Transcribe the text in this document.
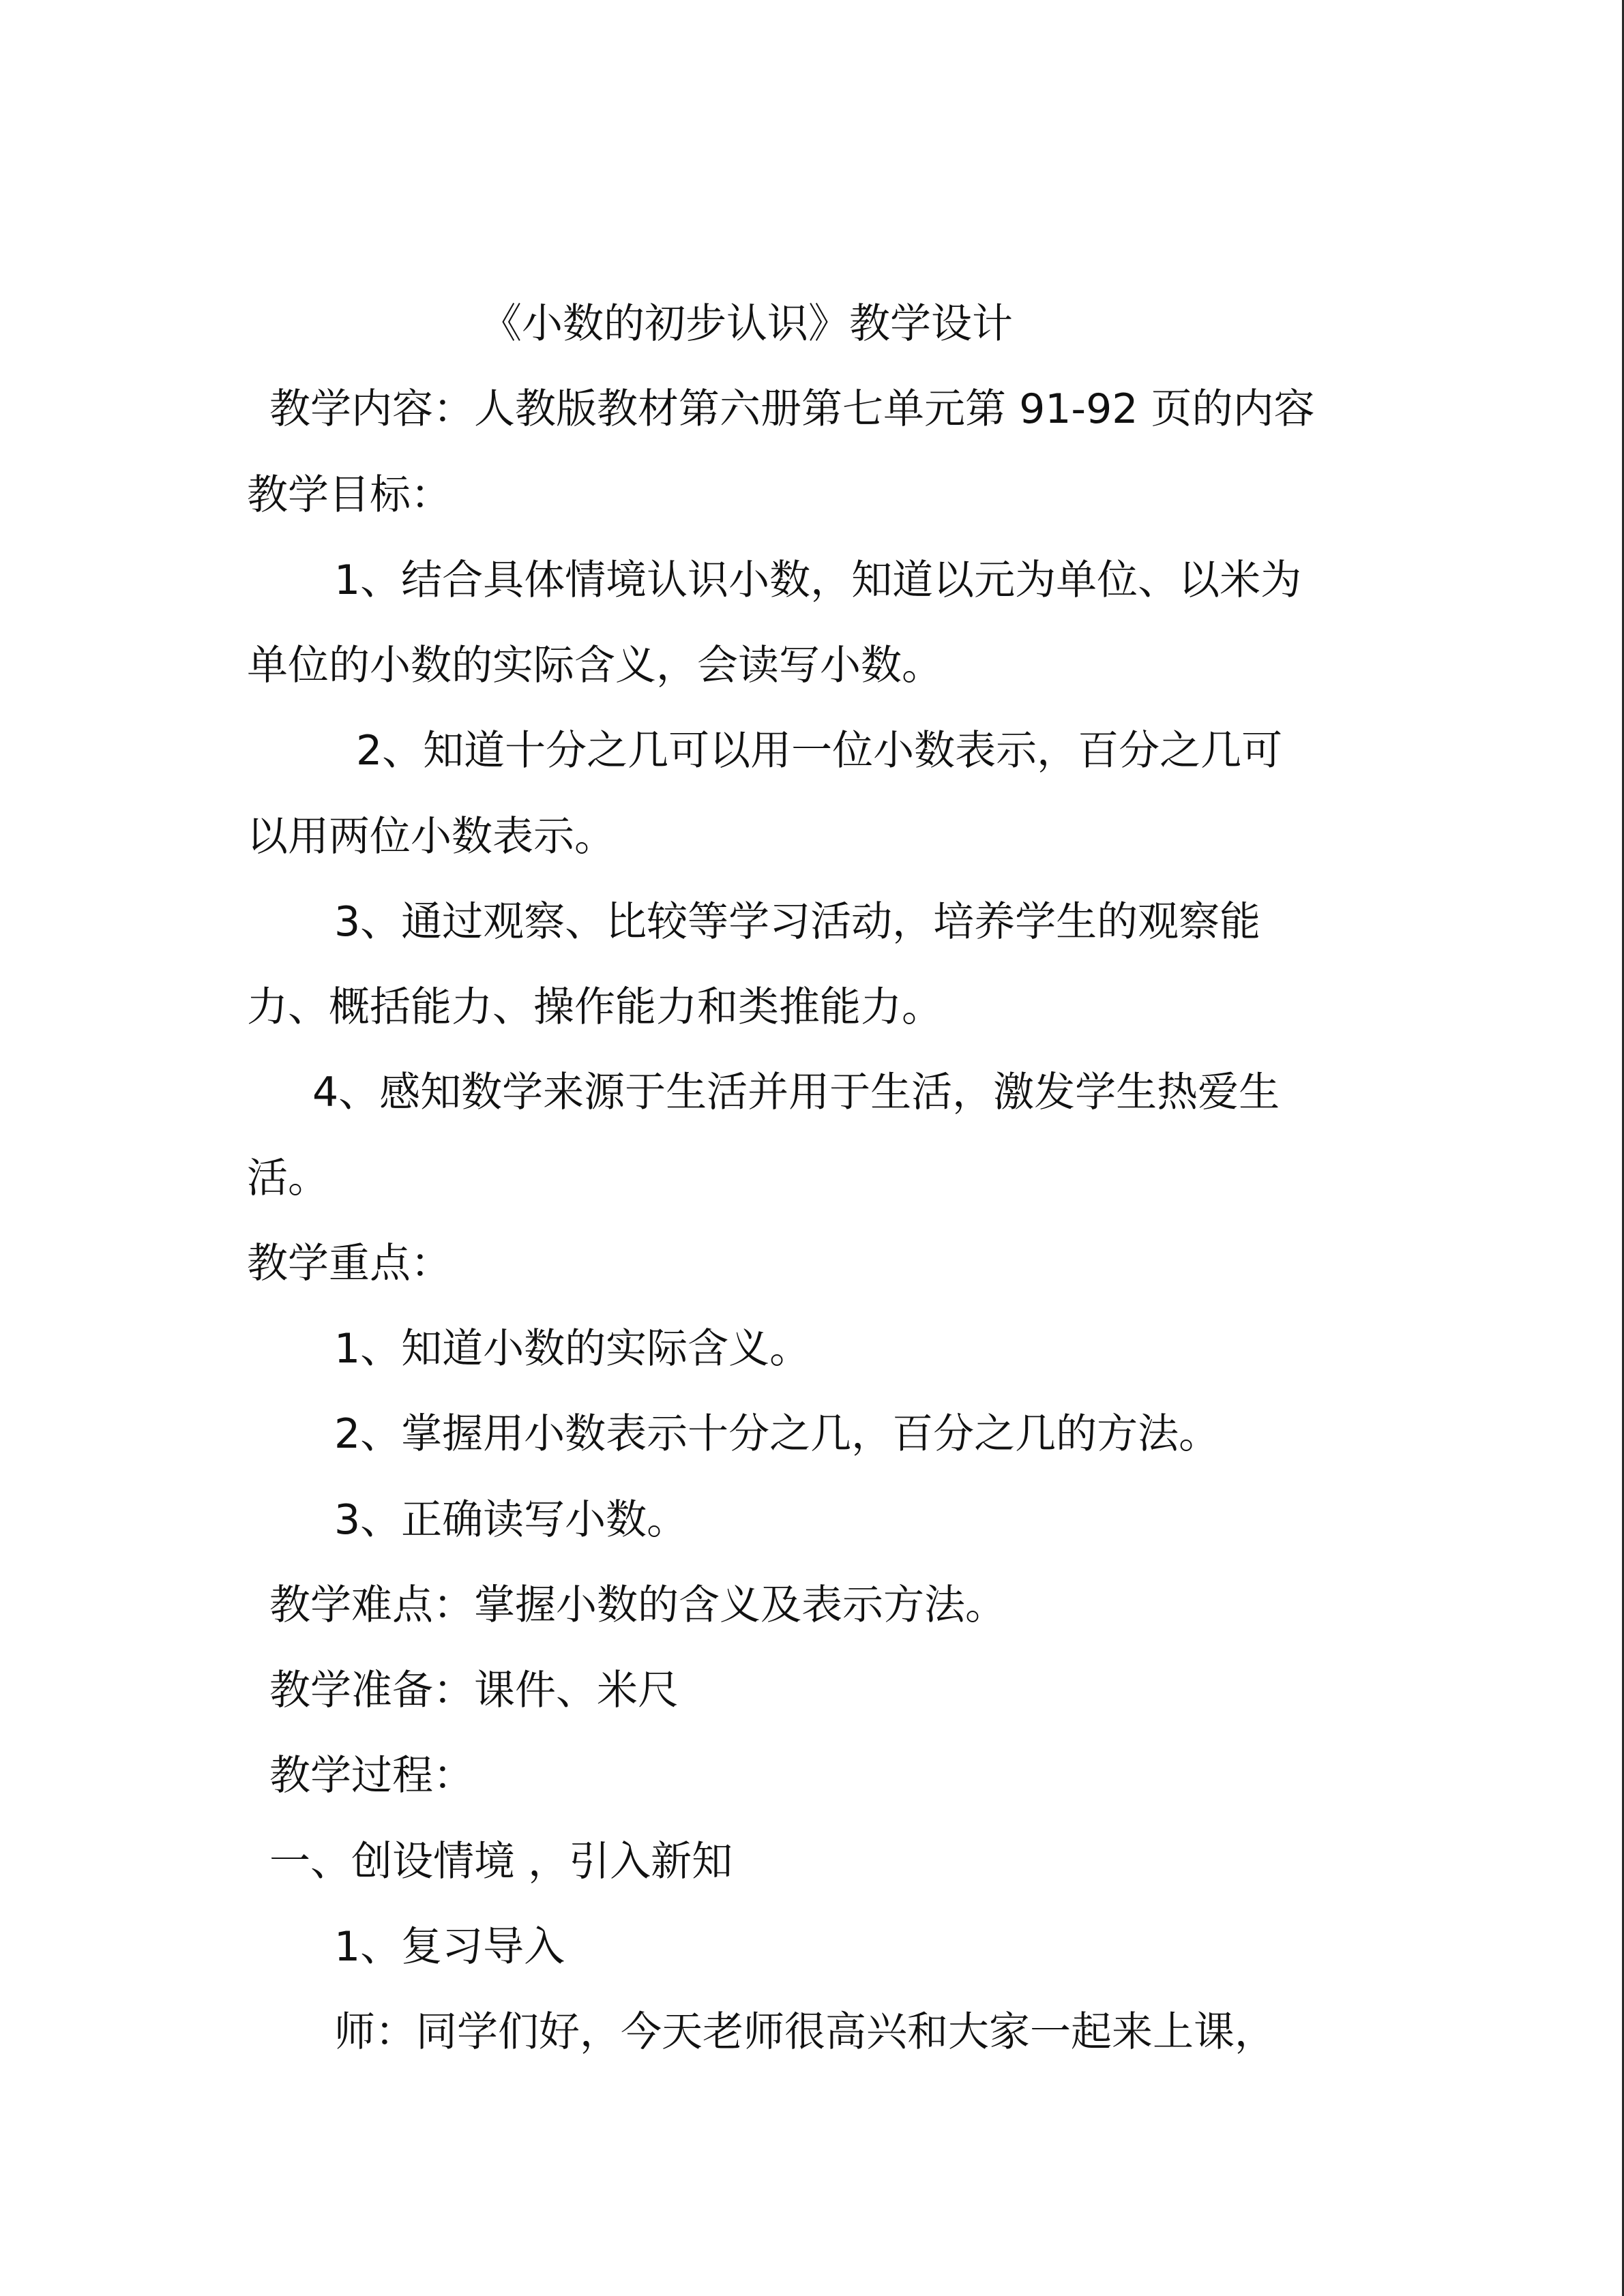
《小数的初步认识》教学设计

教学内容：人教版教材第六册第七单元第 91-92 页的内容

教学目标：

1、结合具体情境认识小数，知道以元为单位、以米为

单位的小数的实际含义，会读写小数。

2、知道十分之几可以用一位小数表示，百分之几可

以用两位小数表示。

3、通过观察、比较等学习活动，培养学生的观察能

力、概括能力、操作能力和类推能力。

4、感知数学来源于生活并用于生活，激发学生热爱生

活。

教学重点：

1、知道小数的实际含义。

2、掌握用小数表示十分之几，百分之几的方法。

3、正确读写小数。

教学难点：掌握小数的含义及表示方法。

教学准备：课件、米尺

教学过程：

一、创设情境 ，引入新知

1、复习导入

师：同学们好，今天老师很高兴和大家一起来上课，
